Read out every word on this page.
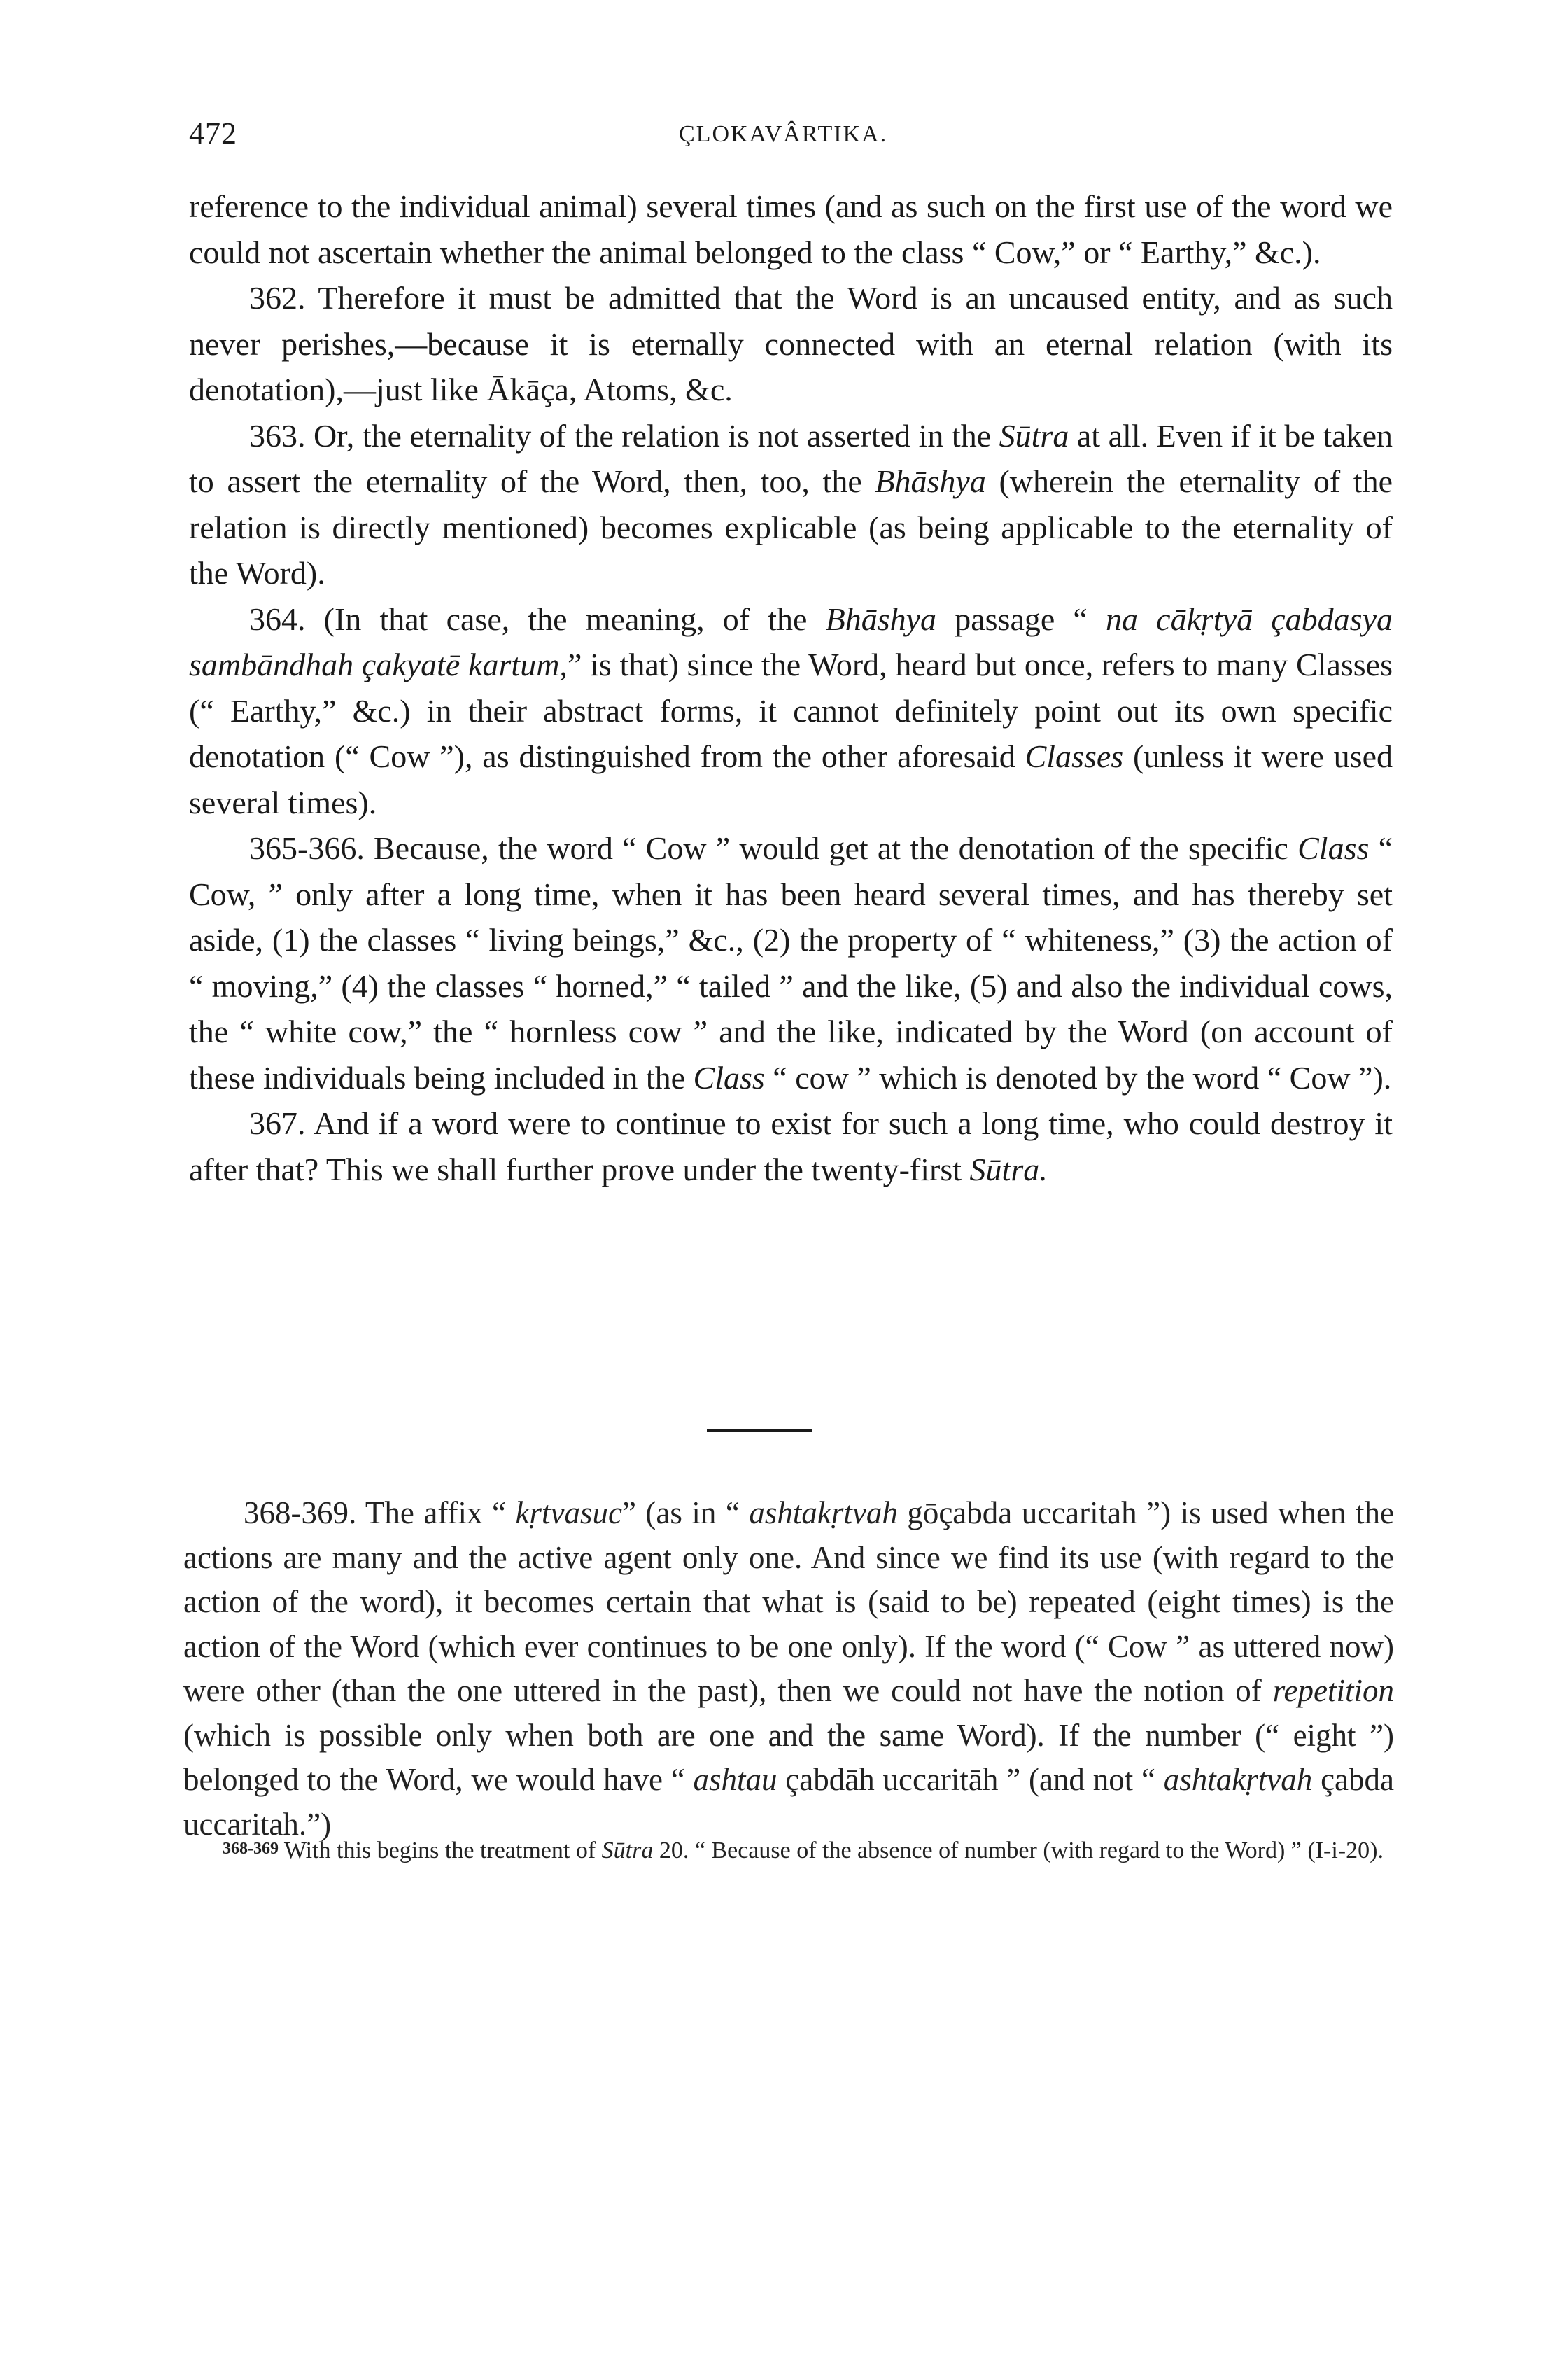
472	ÇLOKAVÂRTIKA.

reference to the individual animal) several times (and as such on the first use of the word we could not ascertain whether the animal belonged to the class “ Cow,” or “ Earthy,” &c.).

362. Therefore it must be admitted that the Word is an uncaused entity, and as such never perishes,—because it is eternally connected with an eternal relation (with its denotation),—just like Ākāça, Atoms, &c.

363. Or, the eternality of the relation is not asserted in the Sūtra at all. Even if it be taken to assert the eternality of the Word, then, too, the Bhāshya (wherein the eternality of the relation is directly mentioned) becomes explicable (as being applicable to the eternality of the Word).

364. (In that case, the meaning, of the Bhāshya passage “ na cākṛtyā çabdasya sambāndhah çakyatē kartum,” is that) since the Word, heard but once, refers to many Classes (“ Earthy,” &c.) in their abstract forms, it cannot definitely point out its own specific denotation (“ Cow ”), as distinguished from the other aforesaid Classes (unless it were used several times).

365-366. Because, the word “ Cow ” would get at the denotation of the specific Class “ Cow, ” only after a long time, when it has been heard several times, and has thereby set aside, (1) the classes “ living beings,” &c., (2) the property of “ whiteness,” (3) the action of “ moving,” (4) the classes “ horned,” “ tailed ” and the like, (5) and also the individual cows, the “ white cow,” the “ hornless cow ” and the like, indicated by the Word (on account of these individuals being included in the Class “ cow ” which is denoted by the word “ Cow ”).

367. And if a word were to continue to exist for such a long time, who could destroy it after that? This we shall further prove under the twenty-first Sūtra.

368-369. The affix “ kṛtvasuc” (as in “ ashtakṛtvah gōçabda uccaritah ”) is used when the actions are many and the active agent only one. And since we find its use (with regard to the action of the word), it becomes certain that what is (said to be) repeated (eight times) is the action of the Word (which ever continues to be one only). If the word (“ Cow ” as uttered now) were other (than the one uttered in the past), then we could not have the notion of repetition (which is possible only when both are one and the same Word). If the number (“ eight ”) belonged to the Word, we would have “ ashtau çabdāh uccaritāh ” (and not “ ashtakṛtvah çabda uccaritah.”)

368-369 With this begins the treatment of Sūtra 20. “ Because of the absence of number (with regard to the Word) ” (I-i-20).
